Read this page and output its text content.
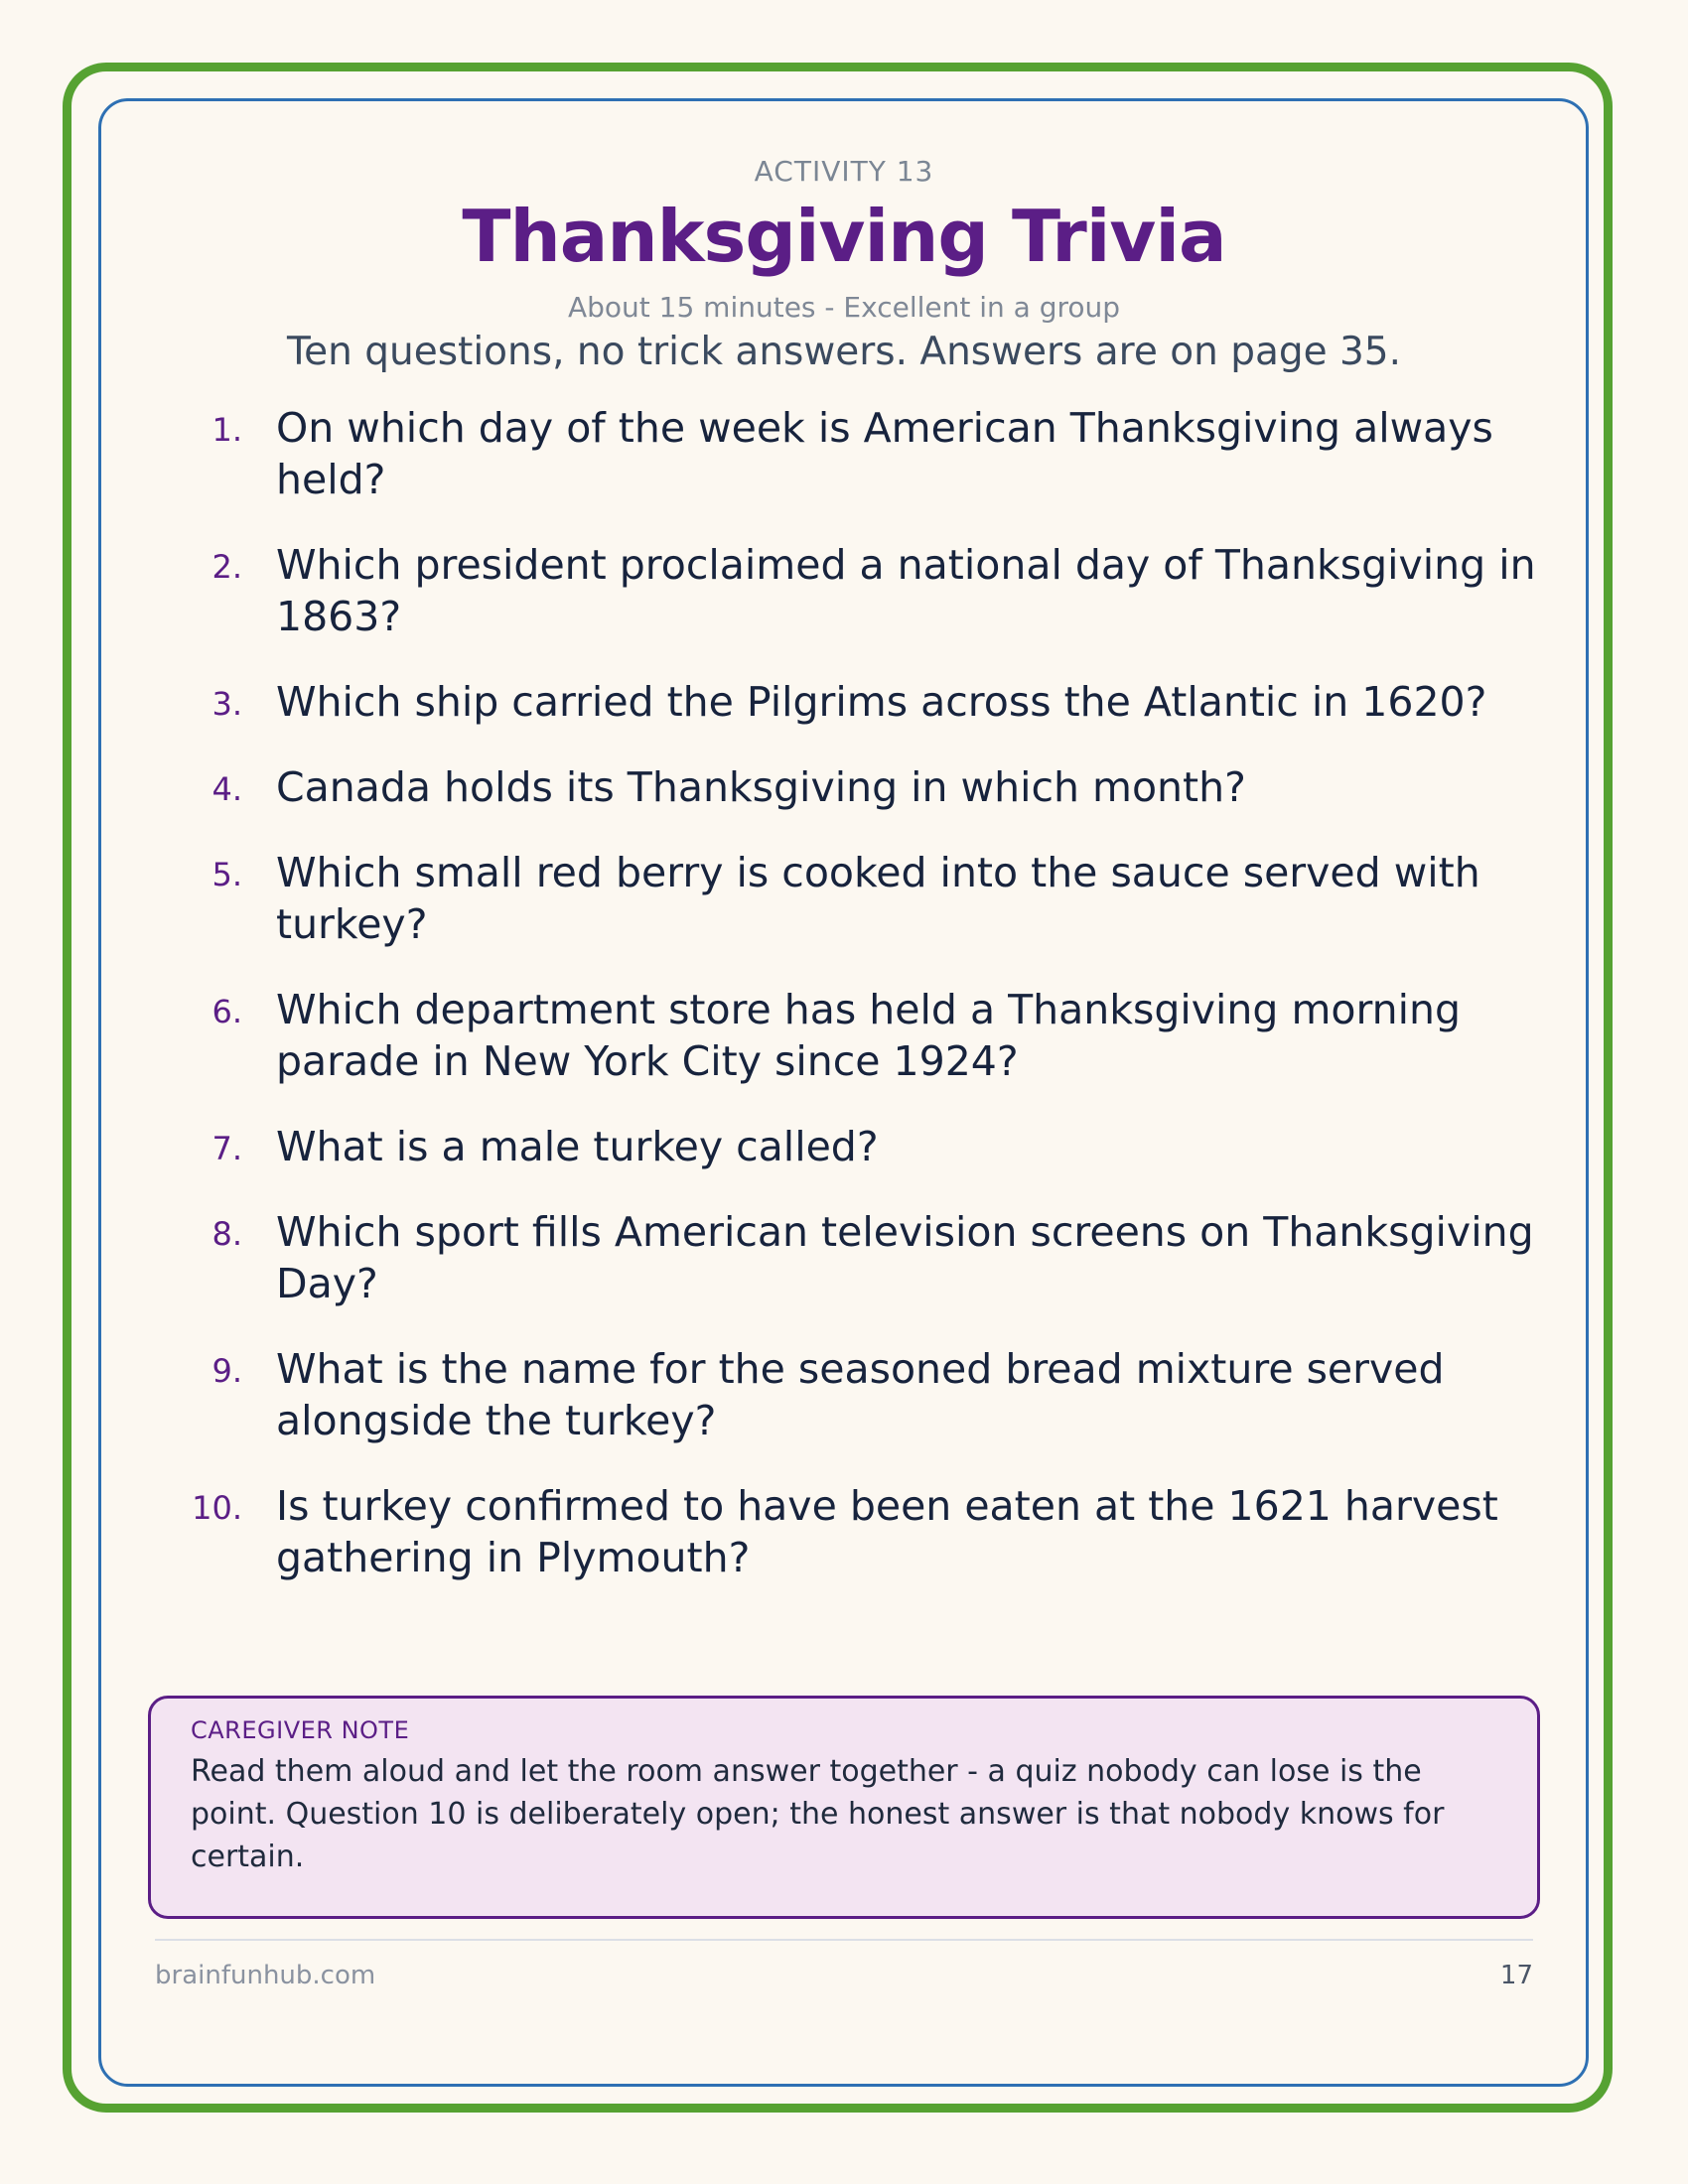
ACTIVITY 13
Thanksgiving Trivia
About 15 minutes - Excellent in a group
Ten questions, no trick answers. Answers are on page 35.
1. On which day of the week is American Thanksgiving always held?
2. Which president proclaimed a national day of Thanksgiving in 1863?
3. Which ship carried the Pilgrims across the Atlantic in 1620?
4. Canada holds its Thanksgiving in which month?
5. Which small red berry is cooked into the sauce served with turkey?
6. Which department store has held a Thanksgiving morning parade in New York City since 1924?
7. What is a male turkey called?
8. Which sport fills American television screens on Thanksgiving Day?
9. What is the name for the seasoned bread mixture served alongside the turkey?
10. Is turkey confirmed to have been eaten at the 1621 harvest gathering in Plymouth?
CAREGIVER NOTE
Read them aloud and let the room answer together - a quiz nobody can lose is the point. Question 10 is deliberately open; the honest answer is that nobody knows for certain.
brainfunhub.com	17
